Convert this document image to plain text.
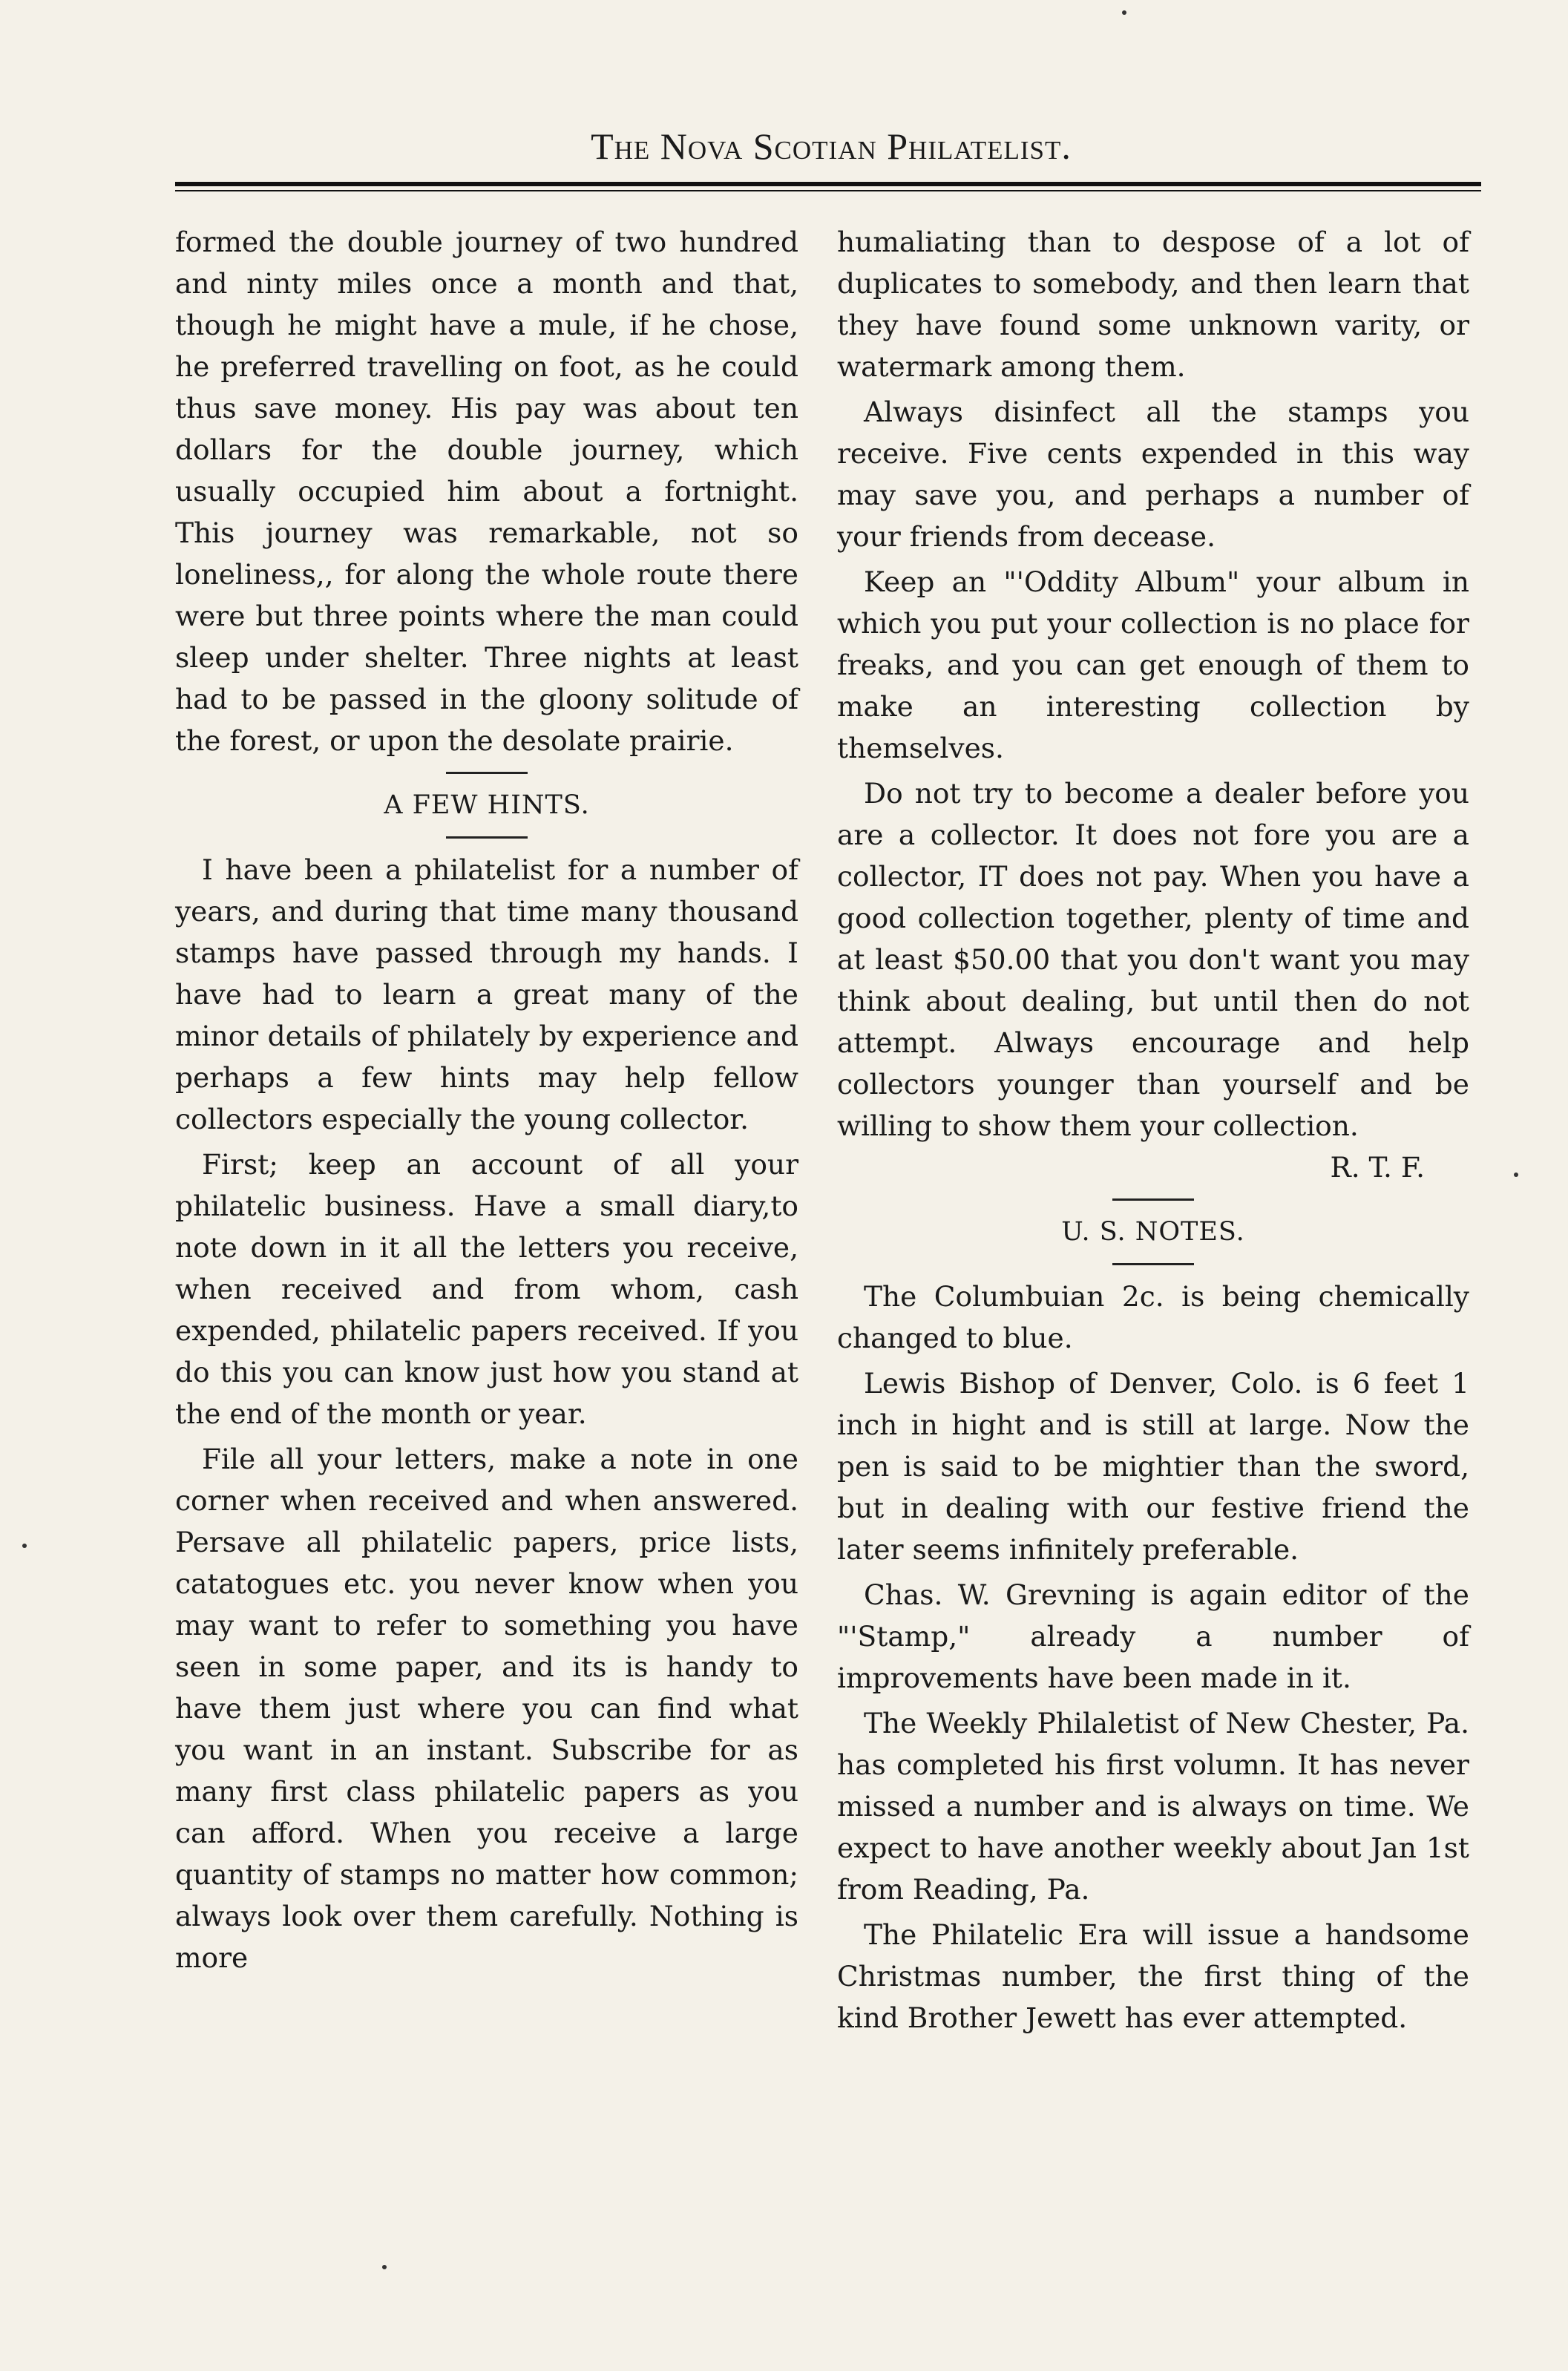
The Nova Scotian Philatelist.

formed the double journey of two hundred and ninty miles once a month and that, though he might have a mule, if he chose, he preferred travelling on foot, as he could thus save money. His pay was about ten dollars for the double journey, which usually occupied him about a fortnight. This journey was remarkable, not so loneliness,, for along the whole route there were but three points where the man could sleep under shelter. Three nights at least had to be passed in the gloony solitude of the forest, or upon the desolate prairie.

A FEW HINTS.

I have been a philatelist for a number of years, and during that time many thousand stamps have passed through my hands. I have had to learn a great many of the minor details of philately by experience and perhaps a few hints may help fellow collectors especially the young collector.

First; keep an account of all your philatelic business. Have a small diary,to note down in it all the letters you receive, when received and from whom, cash expended, philatelic papers received. If you do this you can know just how you stand at the end of the month or year.

File all your letters, make a note in one corner when received and when answered. Persave all philatelic papers, price lists, catatogues etc. you never know when you may want to refer to something you have seen in some paper, and its is handy to have them just where you can find what you want in an instant. Subscribe for as many first class philatelic papers as you can afford. When you receive a large quantity of stamps no matter how common; always look over them carefully. Nothing is more

humaliating than to despose of a lot of duplicates to somebody, and then learn that they have found some unknown varity, or watermark among them.

Always disinfect all the stamps you receive. Five cents expended in this way may save you, and perhaps a number of your friends from decease.

Keep an "'Oddity Album" your album in which you put your collection is no place for freaks, and you can get enough of them to make an interesting collection by themselves.

Do not try to become a dealer before you are a collector. It does not fore you are a collector, IT does not pay. When you have a good collection together, plenty of time and at least $50.00 that you don't want you may think about dealing, but until then do not attempt. Always encourage and help collectors younger than yourself and be willing to show them your collection.
R. T. F.

U. S. NOTES.

The Columbuian 2c. is being chemically changed to blue.

Lewis Bishop of Denver, Colo. is 6 feet 1 inch in hight and is still at large. Now the pen is said to be mightier than the sword, but in dealing with our festive friend the later seems infinitely preferable.

Chas. W. Grevning is again editor of the "'Stamp," already a number of improvements have been made in it.

The Weekly Philaletist of New Chester, Pa. has completed his first volumn. It has never missed a number and is always on time. We expect to have another weekly about Jan 1st from Reading, Pa.

The Philatelic Era will issue a handsome Christmas number, the first thing of the kind Brother Jewett has ever attempted.
